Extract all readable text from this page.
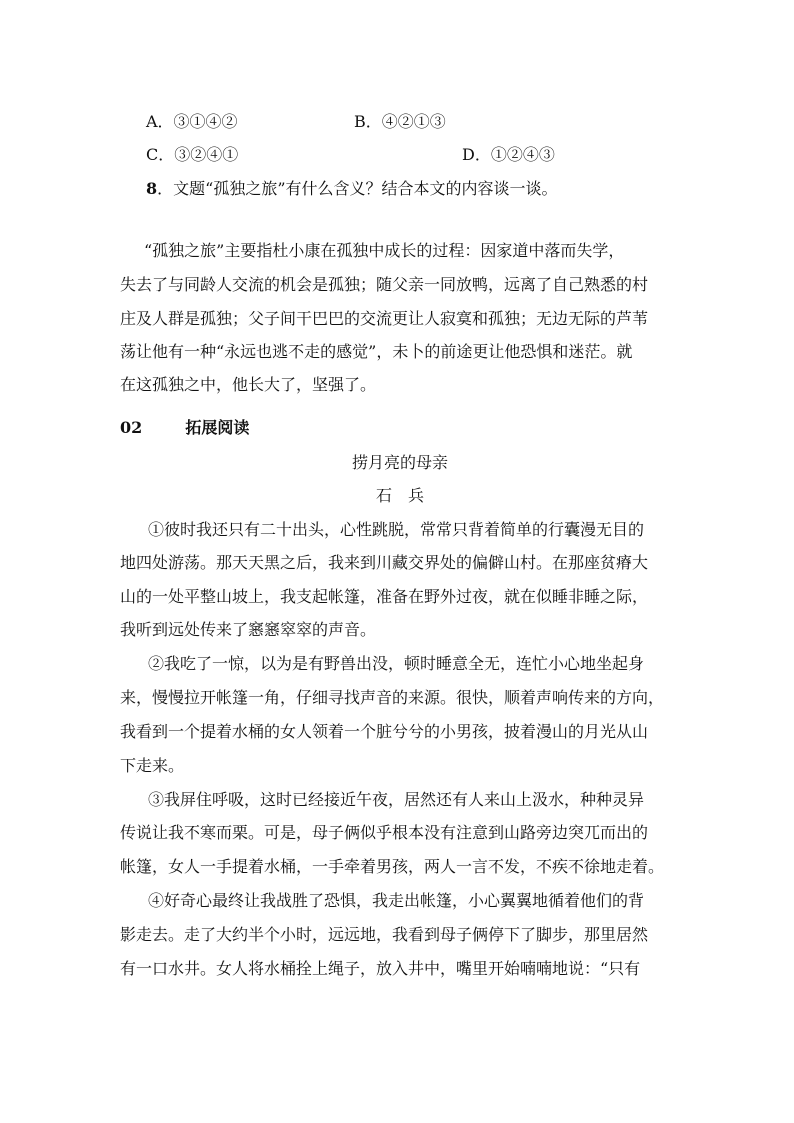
A．③①④②	B．④②①③
C．③②④①	D．①②④③
8．文题“孤独之旅”有什么含义？结合本文的内容谈一谈。
“孤独之旅”主要指杜小康在孤独中成长的过程：因家道中落而失学，
失去了与同龄人交流的机会是孤独；随父亲一同放鸭，远离了自己熟悉的村
庄及人群是孤独；父子间干巴巴的交流更让人寂寞和孤独；无边无际的芦苇
荡让他有一种“永远也逃不走的感觉”，未卜的前途更让他恐惧和迷茫。就
在这孤独之中，他长大了，坚强了。
02	拓展阅读
捞月亮的母亲
石　兵
①彼时我还只有二十出头，心性跳脱，常常只背着简单的行囊漫无目的
地四处游荡。那天天黑之后，我来到川藏交界处的偏僻山村。在那座贫瘠大
山的一处平整山坡上，我支起帐篷，准备在野外过夜，就在似睡非睡之际，
我听到远处传来了窸窸窣窣的声音。
②我吃了一惊，以为是有野兽出没，顿时睡意全无，连忙小心地坐起身
来，慢慢拉开帐篷一角，仔细寻找声音的来源。很快，顺着声响传来的方向，
我看到一个提着水桶的女人领着一个脏兮兮的小男孩，披着漫山的月光从山
下走来。
③我屏住呼吸，这时已经接近午夜，居然还有人来山上汲水，种种灵异
传说让我不寒而栗。可是，母子俩似乎根本没有注意到山路旁边突兀而出的
帐篷，女人一手提着水桶，一手牵着男孩，两人一言不发，不疾不徐地走着。
④好奇心最终让我战胜了恐惧，我走出帐篷，小心翼翼地循着他们的背
影走去。走了大约半个小时，远远地，我看到母子俩停下了脚步，那里居然
有一口水井。女人将水桶拴上绳子，放入井中，嘴里开始喃喃地说：“只有
